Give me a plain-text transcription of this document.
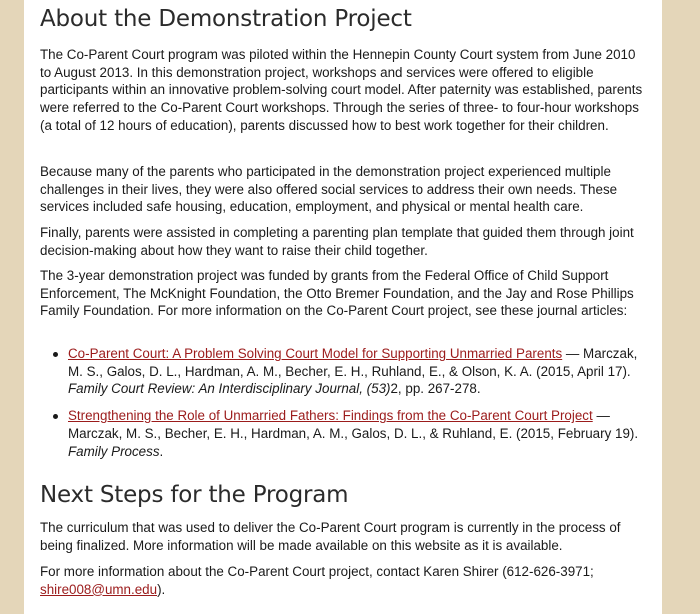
About the Demonstration Project

The Co-Parent Court program was piloted within the Hennepin County Court system from June 2010 to August 2013. In this demonstration project, workshops and services were offered to eligible participants within an innovative problem-solving court model. After paternity was established, parents were referred to the Co-Parent Court workshops. Through the series of three- to four-hour workshops (a total of 12 hours of education), parents discussed how to best work together for their children.

Because many of the parents who participated in the demonstration project experienced multiple challenges in their lives, they were also offered social services to address their own needs. These services included safe housing, education, employment, and physical or mental health care.

Finally, parents were assisted in completing a parenting plan template that guided them through joint decision-making about how they want to raise their child together.

The 3-year demonstration project was funded by grants from the Federal Office of Child Support Enforcement, The McKnight Foundation, the Otto Bremer Foundation, and the Jay and Rose Phillips Family Foundation. For more information on the Co-Parent Court project, see these journal articles:

Co-Parent Court: A Problem Solving Court Model for Supporting Unmarried Parents — Marczak, M. S., Galos, D. L., Hardman, A. M., Becher, E. H., Ruhland, E., & Olson, K. A. (2015, April 17). Family Court Review: An Interdisciplinary Journal, (53)2, pp. 267-278.
Strengthening the Role of Unmarried Fathers: Findings from the Co-Parent Court Project — Marczak, M. S., Becher, E. H., Hardman, A. M., Galos, D. L., & Ruhland, E. (2015, February 19). Family Process.
Next Steps for the Program

The curriculum that was used to deliver the Co-Parent Court program is currently in the process of being finalized. More information will be made available on this website as it is available.

For more information about the Co-Parent Court project, contact Karen Shirer (612-626-3971; shire008@umn.edu).
